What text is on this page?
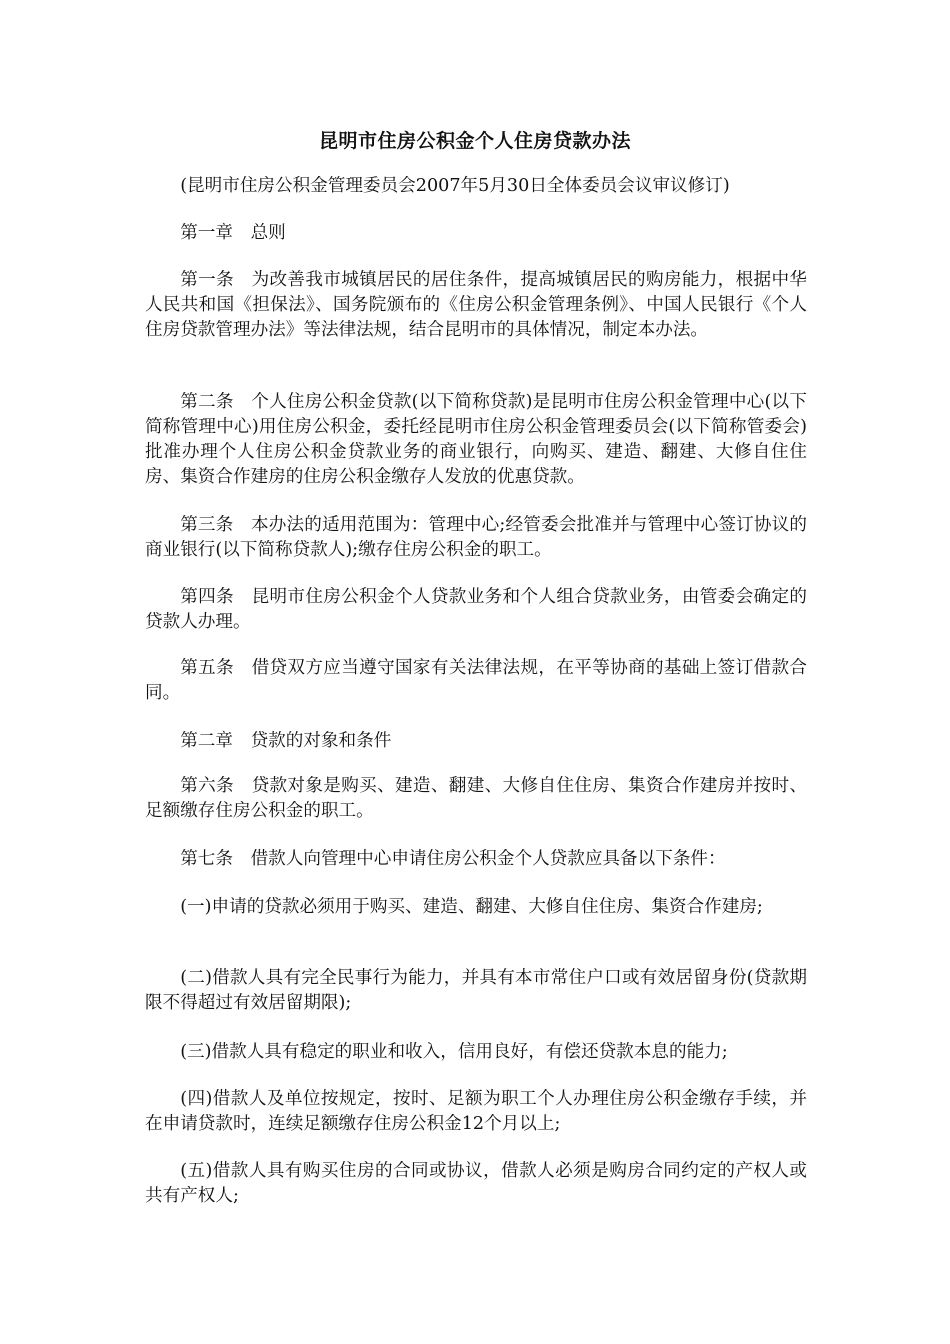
昆明市住房公积金个人住房贷款办法

(昆明市住房公积金管理委员会2007年5月30日全体委员会议审议修订)

第一章 总则

第一条 为改善我市城镇居民的居住条件，提高城镇居民的购房能力，根据中华人民共和国《担保法》、国务院颁布的《住房公积金管理条例》、中国人民银行《个人住房贷款管理办法》等法律法规，结合昆明市的具体情况，制定本办法。

第二条 个人住房公积金贷款(以下简称贷款)是昆明市住房公积金管理中心(以下简称管理中心)用住房公积金，委托经昆明市住房公积金管理委员会(以下简称管委会)批准办理个人住房公积金贷款业务的商业银行，向购买、建造、翻建、大修自住住房、集资合作建房的住房公积金缴存人发放的优惠贷款。

第三条 本办法的适用范围为：管理中心;经管委会批准并与管理中心签订协议的商业银行(以下简称贷款人);缴存住房公积金的职工。

第四条 昆明市住房公积金个人贷款业务和个人组合贷款业务，由管委会确定的贷款人办理。

第五条 借贷双方应当遵守国家有关法律法规，在平等协商的基础上签订借款合同。

第二章 贷款的对象和条件

第六条 贷款对象是购买、建造、翻建、大修自住住房、集资合作建房并按时、足额缴存住房公积金的职工。

第七条 借款人向管理中心申请住房公积金个人贷款应具备以下条件：

(一)申请的贷款必须用于购买、建造、翻建、大修自住住房、集资合作建房;

(二)借款人具有完全民事行为能力，并具有本市常住户口或有效居留身份(贷款期限不得超过有效居留期限);

(三)借款人具有稳定的职业和收入，信用良好，有偿还贷款本息的能力;

(四)借款人及单位按规定，按时、足额为职工个人办理住房公积金缴存手续，并在申请贷款时，连续足额缴存住房公积金12个月以上;

(五)借款人具有购买住房的合同或协议，借款人必须是购房合同约定的产权人或共有产权人;
